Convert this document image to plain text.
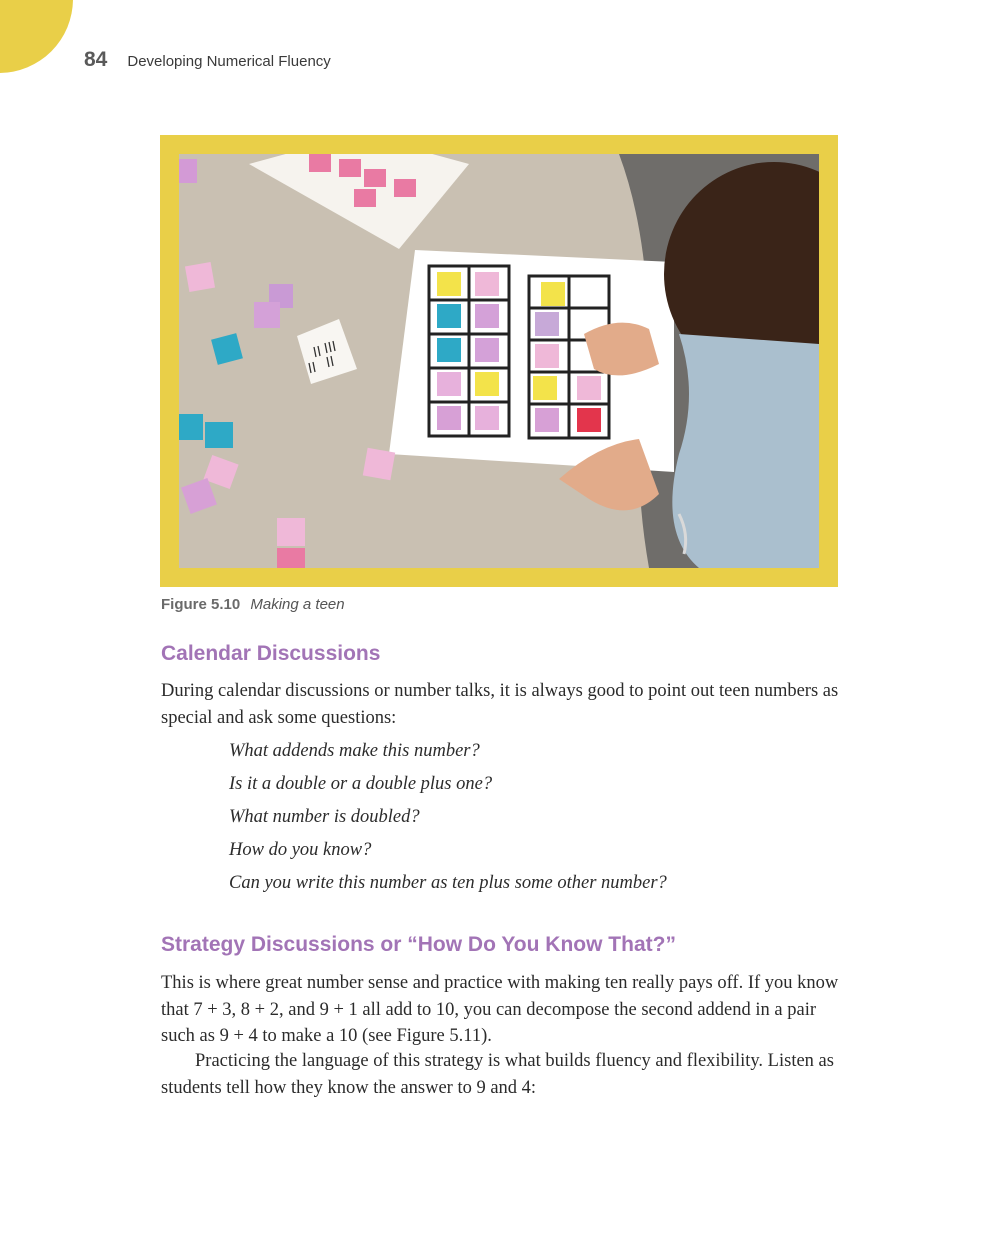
84 Developing Numerical Fluency
Figure 5.10 Making a teen
Calendar Discussions

During calendar discussions or number talks, it is always good to point out teen numbers as special and ask some questions:

What addends make this number?
Is it a double or a double plus one?
What number is doubled?
How do you know?
Can you write this number as ten plus some other number?
Strategy Discussions or “How Do You Know That?”

This is where great number sense and practice with making ten really pays off. If you know that 7 + 3, 8 + 2, and 9 + 1 all add to 10, you can decompose the second addend in a pair such as 9 + 4 to make a 10 (see Figure 5.11).

Practicing the language of this strategy is what builds fluency and flexibility. Listen as students tell how they know the answer to 9 and 4:
